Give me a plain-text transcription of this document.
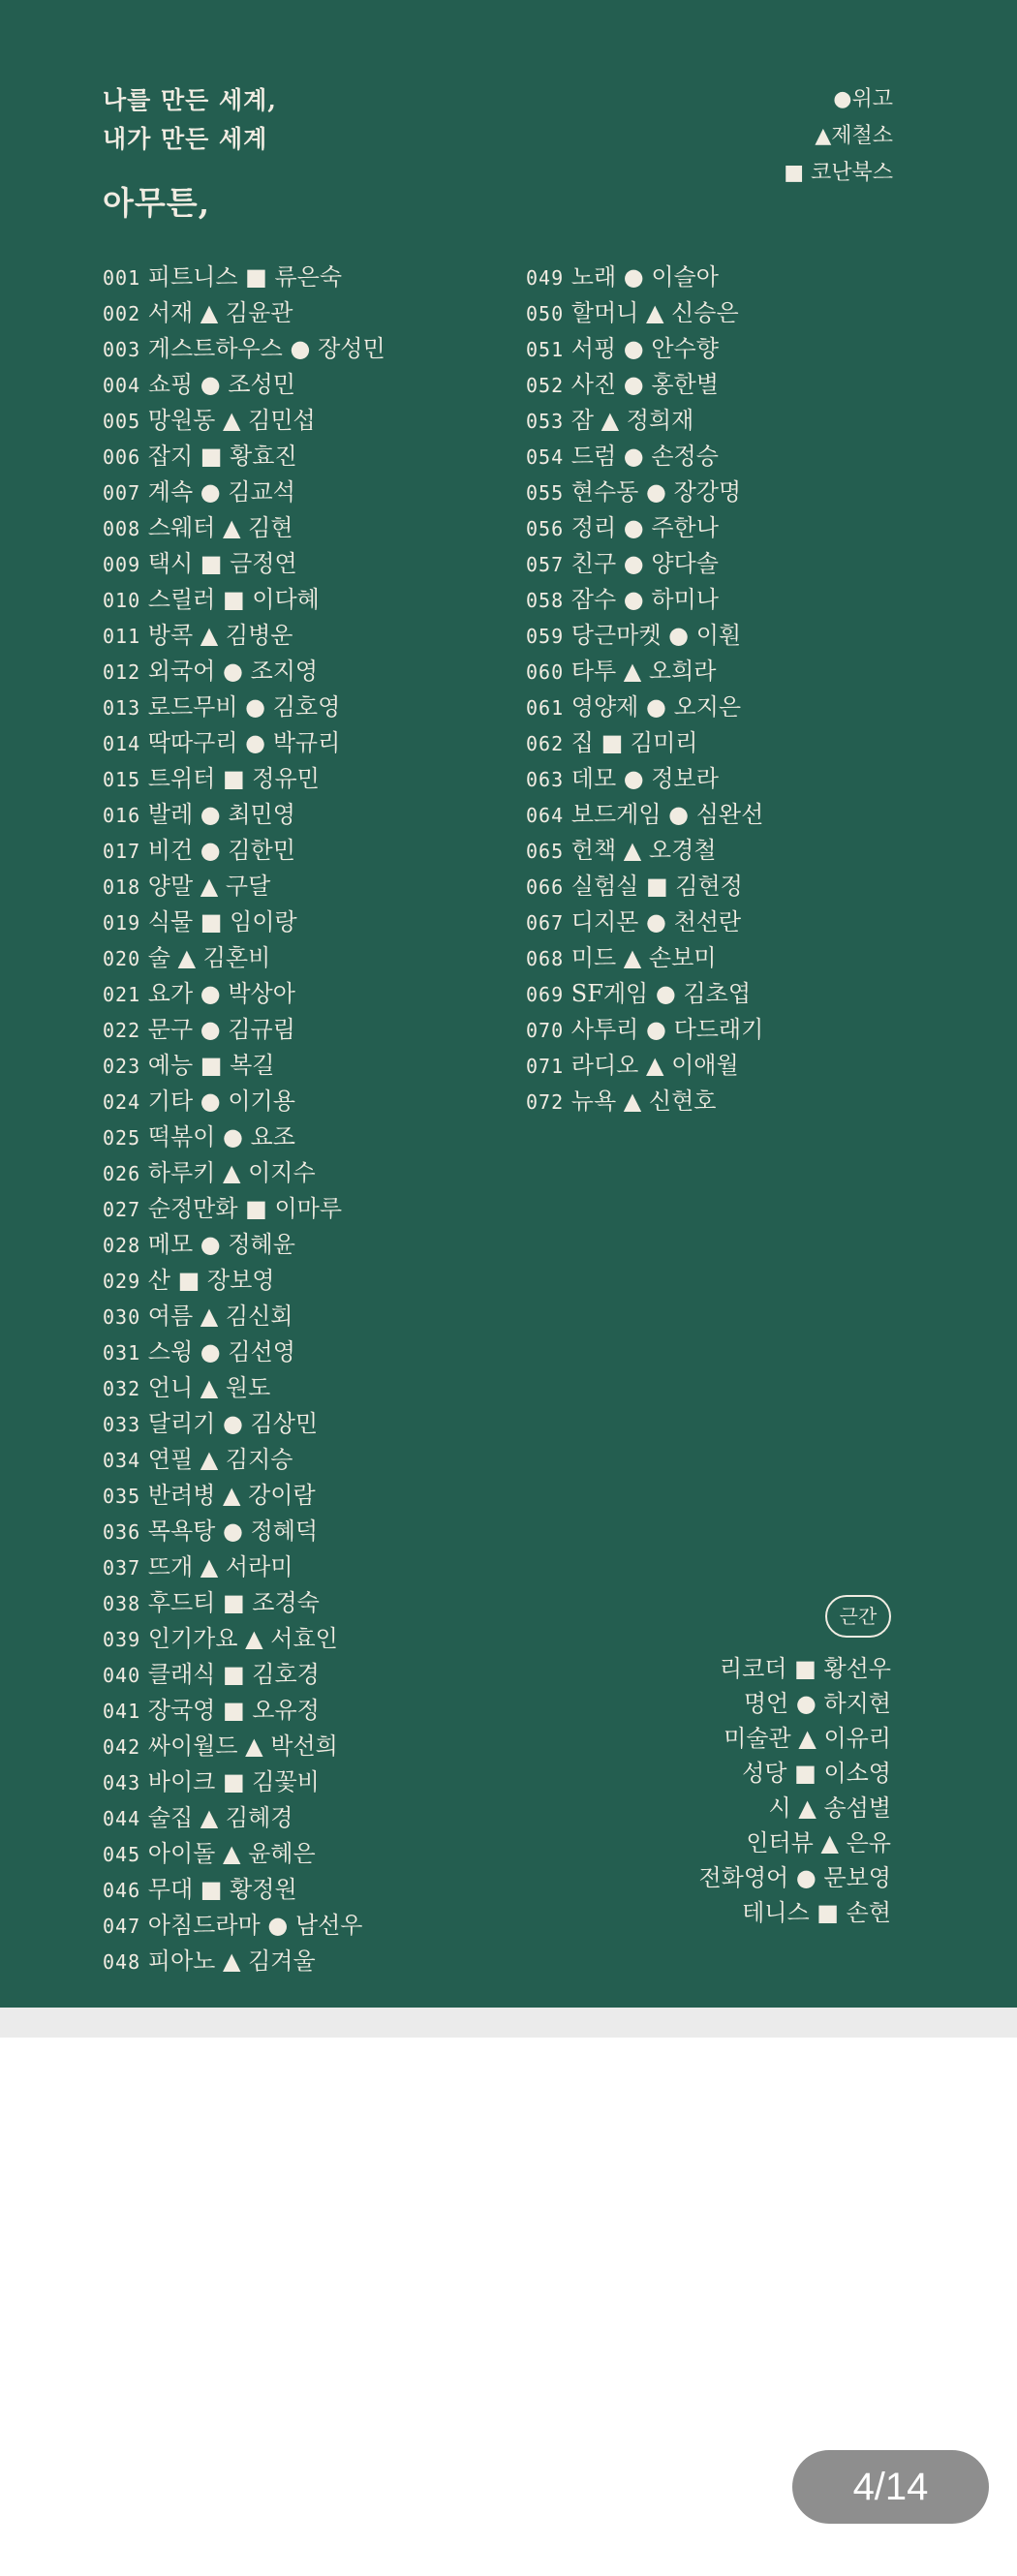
나를 만든 세계,
내가 만든 세계
아무튼,
●위고
▲제철소
■ 코난북스
001 피트니스 ■ 류은숙
002 서재 ▲ 김윤관
003 게스트하우스 ● 장성민
004 쇼핑 ● 조성민
005 망원동 ▲ 김민섭
006 잡지 ■ 황효진
007 계속 ● 김교석
008 스웨터 ▲ 김현
009 택시 ■ 금정연
010 스릴러 ■ 이다혜
011 방콕 ▲ 김병운
012 외국어 ● 조지영
013 로드무비 ● 김호영
014 딱따구리 ● 박규리
015 트위터 ■ 정유민
016 발레 ● 최민영
017 비건 ● 김한민
018 양말 ▲ 구달
019 식물 ■ 임이랑
020 술 ▲ 김혼비
021 요가 ● 박상아
022 문구 ● 김규림
023 예능 ■ 복길
024 기타 ● 이기용
025 떡볶이 ● 요조
026 하루키 ▲ 이지수
027 순정만화 ■ 이마루
028 메모 ● 정혜윤
029 산 ■ 장보영
030 여름 ▲ 김신회
031 스윙 ● 김선영
032 언니 ▲ 원도
033 달리기 ● 김상민
034 연필 ▲ 김지승
035 반려병 ▲ 강이람
036 목욕탕 ● 정혜덕
037 뜨개 ▲ 서라미
038 후드티 ■ 조경숙
039 인기가요 ▲ 서효인
040 클래식 ■ 김호경
041 장국영 ■ 오유정
042 싸이월드 ▲ 박선희
043 바이크 ■ 김꽃비
044 술집 ▲ 김혜경
045 아이돌 ▲ 윤혜은
046 무대 ■ 황정원
047 아침드라마 ● 남선우
048 피아노 ▲ 김겨울
049 노래 ● 이슬아
050 할머니 ▲ 신승은
051 서핑 ● 안수향
052 사진 ● 홍한별
053 잠 ▲ 정희재
054 드럼 ● 손정승
055 현수동 ● 장강명
056 정리 ● 주한나
057 친구 ● 양다솔
058 잠수 ● 하미나
059 당근마켓 ● 이훤
060 타투 ▲ 오희라
061 영양제 ● 오지은
062 집 ■ 김미리
063 데모 ● 정보라
064 보드게임 ● 심완선
065 헌책 ▲ 오경철
066 실험실 ■ 김현정
067 디지몬 ● 천선란
068 미드 ▲ 손보미
069 SF게임 ● 김초엽
070 사투리 ● 다드래기
071 라디오 ▲ 이애월
072 뉴욕 ▲ 신현호
근간
리코더 ■ 황선우
명언 ● 하지현
미술관 ▲ 이유리
성당 ■ 이소영
시 ▲ 송섬별
인터뷰 ▲ 은유
전화영어 ● 문보영
테니스 ■ 손현
4/14
